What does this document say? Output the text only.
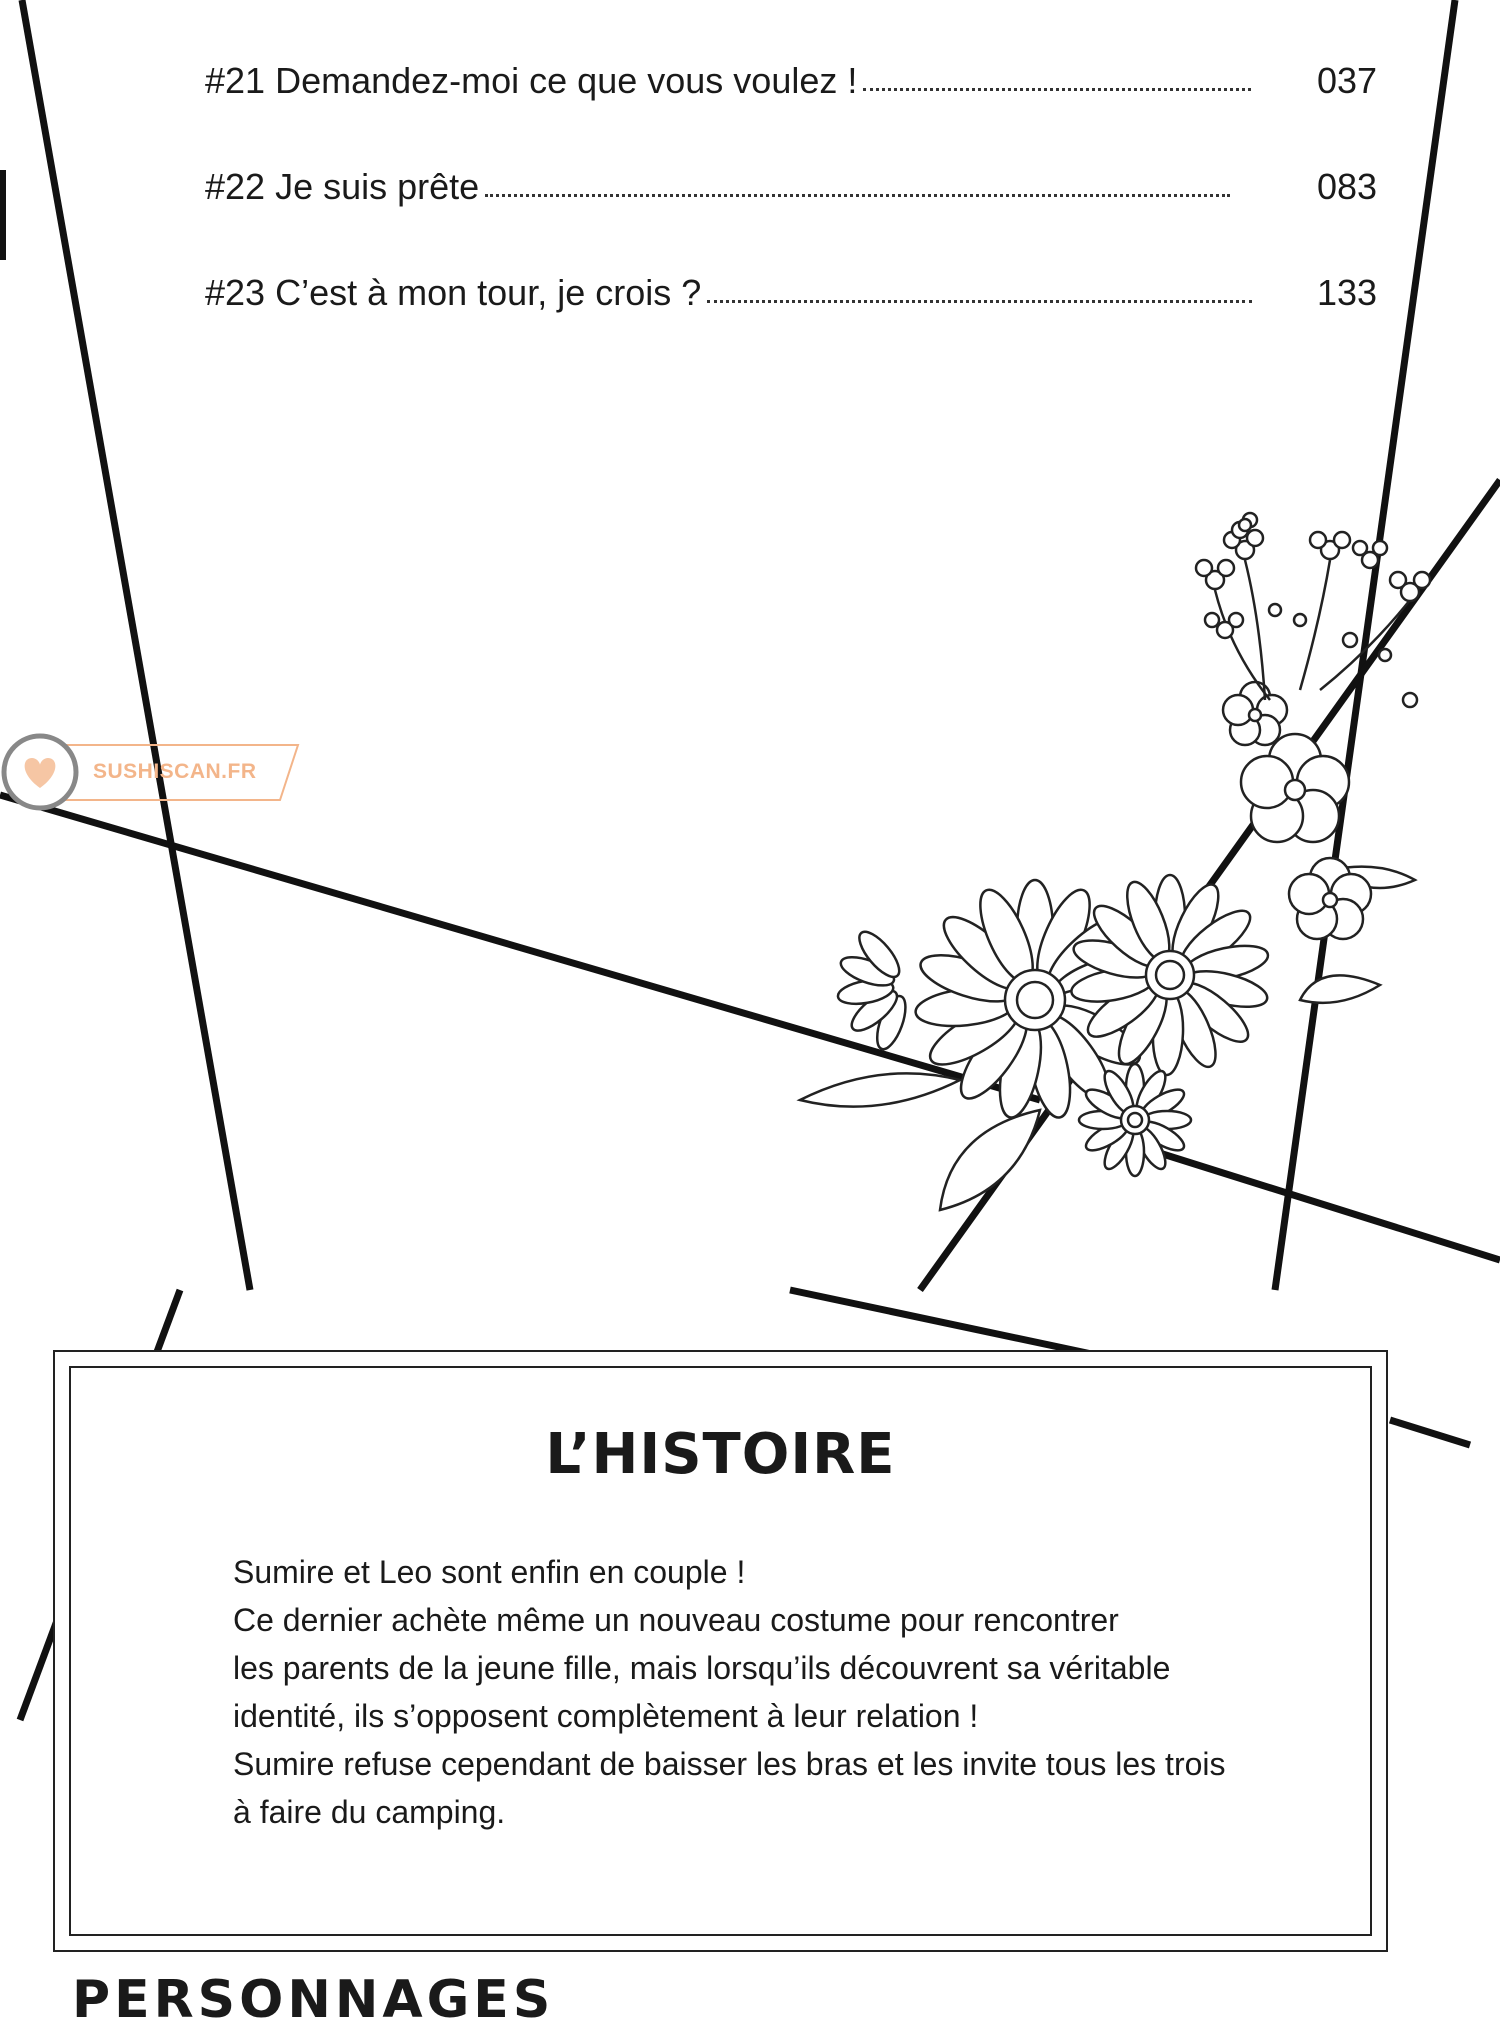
#21 Demandez-moi ce que vous voulez !	037
#22 Je suis prête	083
#23 C’est à mon tour, je crois ?	133
SUSHISCAN.FR
L’HISTOIRE
Sumire et Leo sont enfin en couple !
Ce dernier achète même un nouveau costume pour rencontrer
les parents de la jeune fille, mais lorsqu’ils découvrent sa véritable
identité, ils s’opposent complètement à leur relation !
Sumire refuse cependant de baisser les bras et les invite tous les trois
à faire du camping.
PERSONNAGES
